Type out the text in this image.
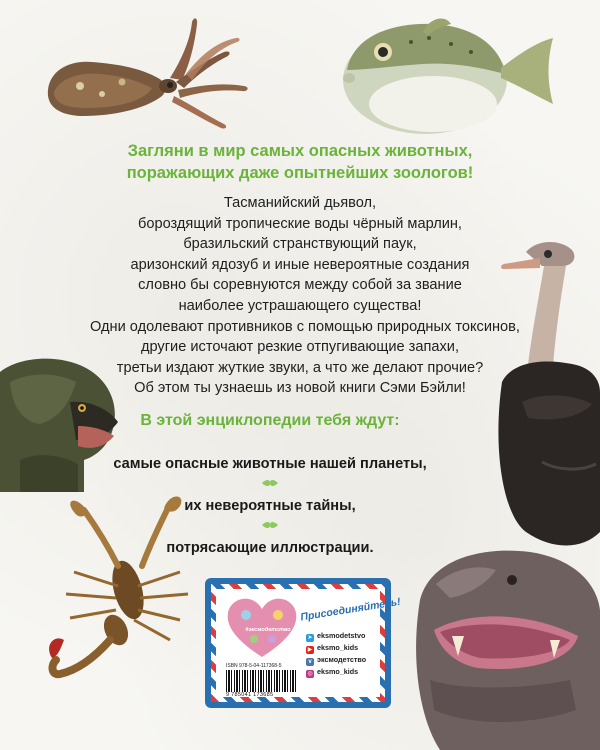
Загляни в мир самых опасных животных,
поражающих даже опытнейших зоологов!
Тасманийский дьявол,
бороздящий тропические воды чёрный марлин,
бразильский странствующий паук,
аризонский ядозуб и иные невероятные создания
словно бы соревнуются между собой за звание
наиболее устрашающего существа!
Одни одолевают противников с помощью природных токсинов,
другие источают резкие отпугивающие запахи,
третьи издают жуткие звуки, а что же делают прочие?
Об этом ты узнаешь из новой книги Сэми Бэйли!
В этой энциклопедии тебя ждут:
самые опасные животные нашей планеты,
их невероятные тайны,
потрясающие иллюстрации.
#эксмодетство
Присоединяйтесь!
➤ eksmodetstvo
▶ eksmo_kids
v эксмодетство
◎ eksmo_kids
ISBN 978-5-04-117368-5
9 785041 173685
